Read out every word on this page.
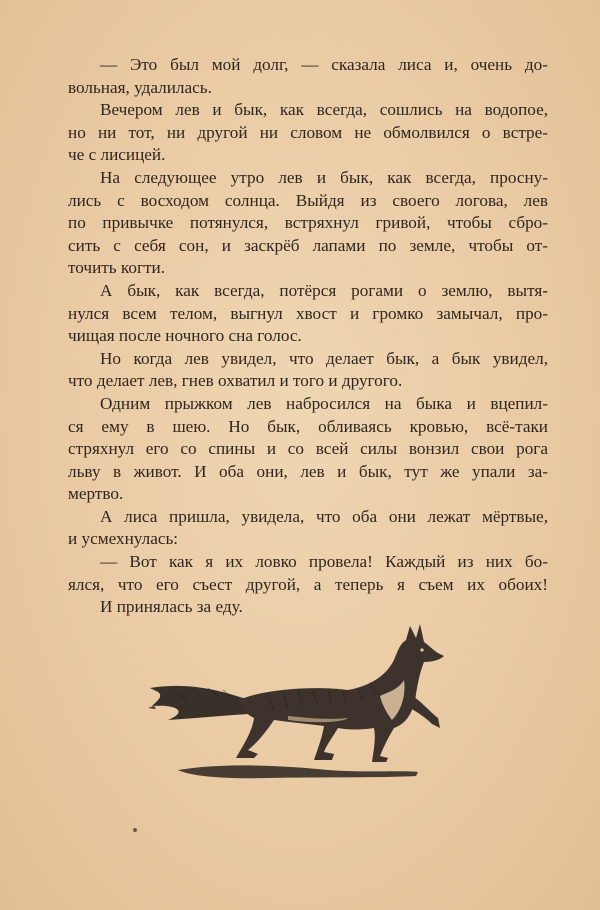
— Это был мой долг, — сказала лиса и, очень до-
вольная, удалилась.
Вечером лев и бык, как всегда, сошлись на водопое,
но ни тот, ни другой ни словом не обмолвился о встре-
че с лисицей.
На следующее утро лев и бык, как всегда, просну-
лись с восходом солнца. Выйдя из своего логова, лев
по привычке потянулся, встряхнул гривой, чтобы сбро-
сить с себя сон, и заскрёб лапами по земле, чтобы от-
точить когти.
А бык, как всегда, потёрся рогами о землю, вытя-
нулся всем телом, выгнул хвост и громко замычал, про-
чищая после ночного сна голос.
Но когда лев увидел, что делает бык, а бык увидел,
что делает лев, гнев охватил и того и другого.
Одним прыжком лев набросился на быка и вцепил-
ся ему в шею. Но бык, обливаясь кровью, всё-таки
стряхнул его со спины и со всей силы вонзил свои рога
льву в живот. И оба они, лев и бык, тут же упали за-
мертво.
А лиса пришла, увидела, что оба они лежат мёртвые,
и усмехнулась:
— Вот как я их ловко провела! Каждый из них бо-
ялся, что его съест другой, а теперь я съем их обоих!
И принялась за еду.
